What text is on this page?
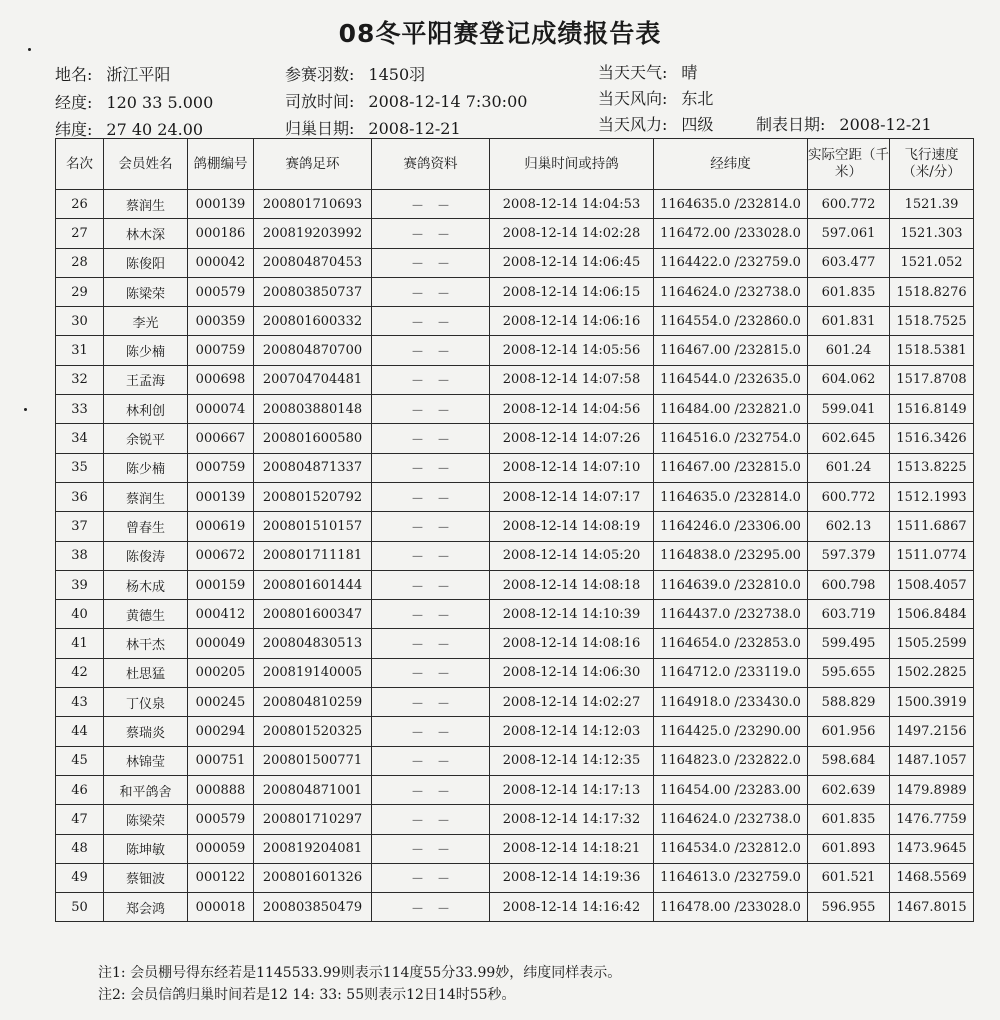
08冬平阳赛登记成绩报告表
地名: 浙江平阳	参赛羽数: 1450羽	当天天气: 晴
经度: 120 33 5.000	司放时间: 2008-12-14 7:30:00	当天风向: 东北
纬度: 27 40 24.00	归巢日期: 2008-12-21	当天风力: 四级	制表日期: 2008-12-21
名次	会员姓名	鸽棚编号	赛鸽足环	赛鸽资料	归巢时间或持鸽	经纬度	实际空距（千米）	飞行速度（米/分）
26	蔡润生	000139	200801710693	－　－	2008-12-14 14:04:53	1164635.0 /232814.0	600.772	1521.39
27	林木深	000186	200819203992	－　－	2008-12-14 14:02:28	116472.00 /233028.0	597.061	1521.303
28	陈俊阳	000042	200804870453	－　－	2008-12-14 14:06:45	1164422.0 /232759.0	603.477	1521.052
29	陈梁荣	000579	200803850737	－　－	2008-12-14 14:06:15	1164624.0 /232738.0	601.835	1518.8276
30	李光	000359	200801600332	－　－	2008-12-14 14:06:16	1164554.0 /232860.0	601.831	1518.7525
31	陈少楠	000759	200804870700	－　－	2008-12-14 14:05:56	116467.00 /232815.0	601.24	1518.5381
32	王孟海	000698	200704704481	－　－	2008-12-14 14:07:58	1164544.0 /232635.0	604.062	1517.8708
33	林利创	000074	200803880148	－　－	2008-12-14 14:04:56	116484.00 /232821.0	599.041	1516.8149
34	余锐平	000667	200801600580	－　－	2008-12-14 14:07:26	1164516.0 /232754.0	602.645	1516.3426
35	陈少楠	000759	200804871337	－　－	2008-12-14 14:07:10	116467.00 /232815.0	601.24	1513.8225
36	蔡润生	000139	200801520792	－　－	2008-12-14 14:07:17	1164635.0 /232814.0	600.772	1512.1993
37	曾春生	000619	200801510157	－　－	2008-12-14 14:08:19	1164246.0 /23306.00	602.13	1511.6867
38	陈俊涛	000672	200801711181	－　－	2008-12-14 14:05:20	1164838.0 /23295.00	597.379	1511.0774
39	杨木成	000159	200801601444	－　－	2008-12-14 14:08:18	1164639.0 /232810.0	600.798	1508.4057
40	黄德生	000412	200801600347	－　－	2008-12-14 14:10:39	1164437.0 /232738.0	603.719	1506.8484
41	林干杰	000049	200804830513	－　－	2008-12-14 14:08:16	1164654.0 /232853.0	599.495	1505.2599
42	杜思猛	000205	200819140005	－　－	2008-12-14 14:06:30	1164712.0 /233119.0	595.655	1502.2825
43	丁仪泉	000245	200804810259	－　－	2008-12-14 14:02:27	1164918.0 /233430.0	588.829	1500.3919
44	蔡瑞炎	000294	200801520325	－　－	2008-12-14 14:12:03	1164425.0 /23290.00	601.956	1497.2156
45	林锦莹	000751	200801500771	－　－	2008-12-14 14:12:35	1164823.0 /232822.0	598.684	1487.1057
46	和平鸽舍	000888	200804871001	－　－	2008-12-14 14:17:13	116454.00 /23283.00	602.639	1479.8989
47	陈梁荣	000579	200801710297	－　－	2008-12-14 14:17:32	1164624.0 /232738.0	601.835	1476.7759
48	陈坤敏	000059	200819204081	－　－	2008-12-14 14:18:21	1164534.0 /232812.0	601.893	1473.9645
49	蔡钿波	000122	200801601326	－　－	2008-12-14 14:19:36	1164613.0 /232759.0	601.521	1468.5569
50	郑会鸿	000018	200803850479	－　－	2008-12-14 14:16:42	116478.00 /233028.0	596.955	1467.8015
注1: 会员棚号得东经若是1145533.99则表示114度55分33.99妙，纬度同样表示。
注2: 会员信鸽归巢时间若是12 14: 33: 55则表示12日14时55秒。
